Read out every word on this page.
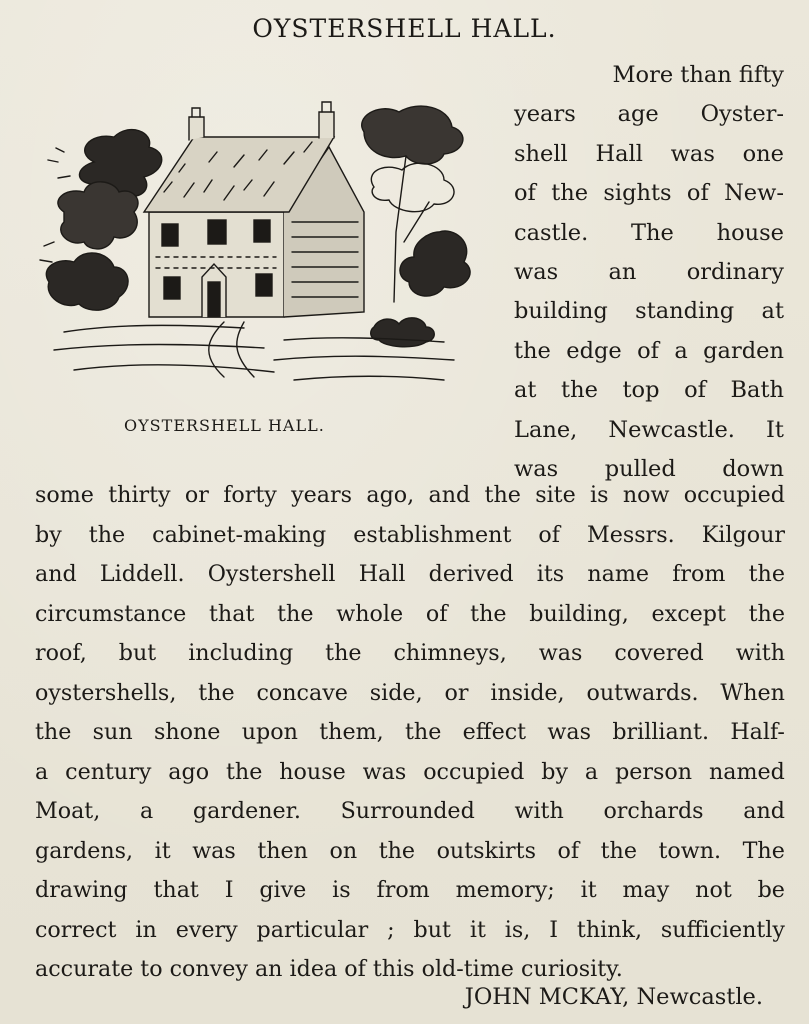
OYSTERSHELL HALL.

OYSTERSHELL HALL.

More than fifty
years age Oyster-
shell Hall was one
of the sights of New-
castle. The house
was an ordinary
building standing at
the edge of a garden
at the top of Bath
Lane, Newcastle. It
was pulled down
some thirty or forty years ago, and the site is now occupied
by the cabinet-making establishment of Messrs. Kilgour
and Liddell. Oystershell Hall derived its name from the
circumstance that the whole of the building, except the
roof, but including the chimneys, was covered with
oystershells, the concave side, or inside, outwards. When
the sun shone upon them, the effect was brilliant. Half-
a century ago the house was occupied by a person named
Moat, a gardener. Surrounded with orchards and
gardens, it was then on the outskirts of the town. The
drawing that I give is from memory; it may not be
correct in every particular ; but it is, I think, sufficiently
accurate to convey an idea of this old-time curiosity.

JOHN MCKAY, Newcastle.
